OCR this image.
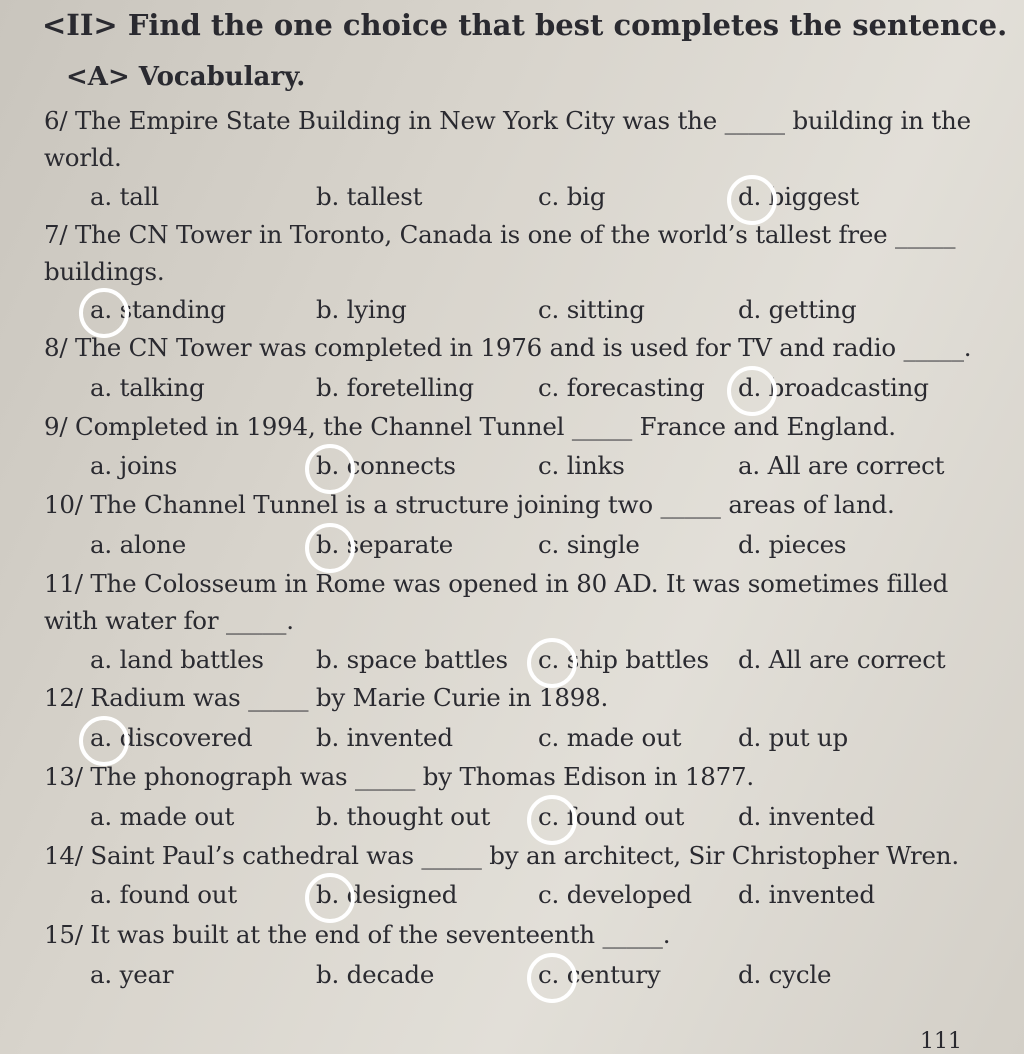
<II> Find the one choice that best completes the sentence.
<A> Vocabulary.
6/ The Empire State Building in New York City was the _____ building in the
world.
a. tall	b. tallest	c. big	d. biggest
7/ The CN Tower in Toronto, Canada is one of the world’s tallest free _____
buildings.
a. standing	b. lying	c. sitting	d. getting
8/ The CN Tower was completed in 1976 and is used for TV and radio _____.
a. talking	b. foretelling	c. forecasting d. broadcasting
9/ Completed in 1994, the Channel Tunnel _____ France and England.
a. joins	b. connects	c. links	a. All are correct
10/ The Channel Tunnel is a structure joining two _____ areas of land.
a. alone	b. separate	c. single	d. pieces
11/ The Colosseum in Rome was opened in 80 AD. It was sometimes filled
with water for _____.
a. land battles b. space battles c. ship battles d. All are correct
12/ Radium was _____ by Marie Curie in 1898.
a. discovered	b. invented	c. made out d. put up
13/ The phonograph was _____ by Thomas Edison in 1877.
a. made out	b. thought out c. found out d. invented
14/ Saint Paul’s cathedral was _____ by an architect, Sir Christopher Wren.
a. found out	b. designed	c. developed d. invented
15/ It was built at the end of the seventeenth _____.
a. year	b. decade	c. century	d. cycle
111
